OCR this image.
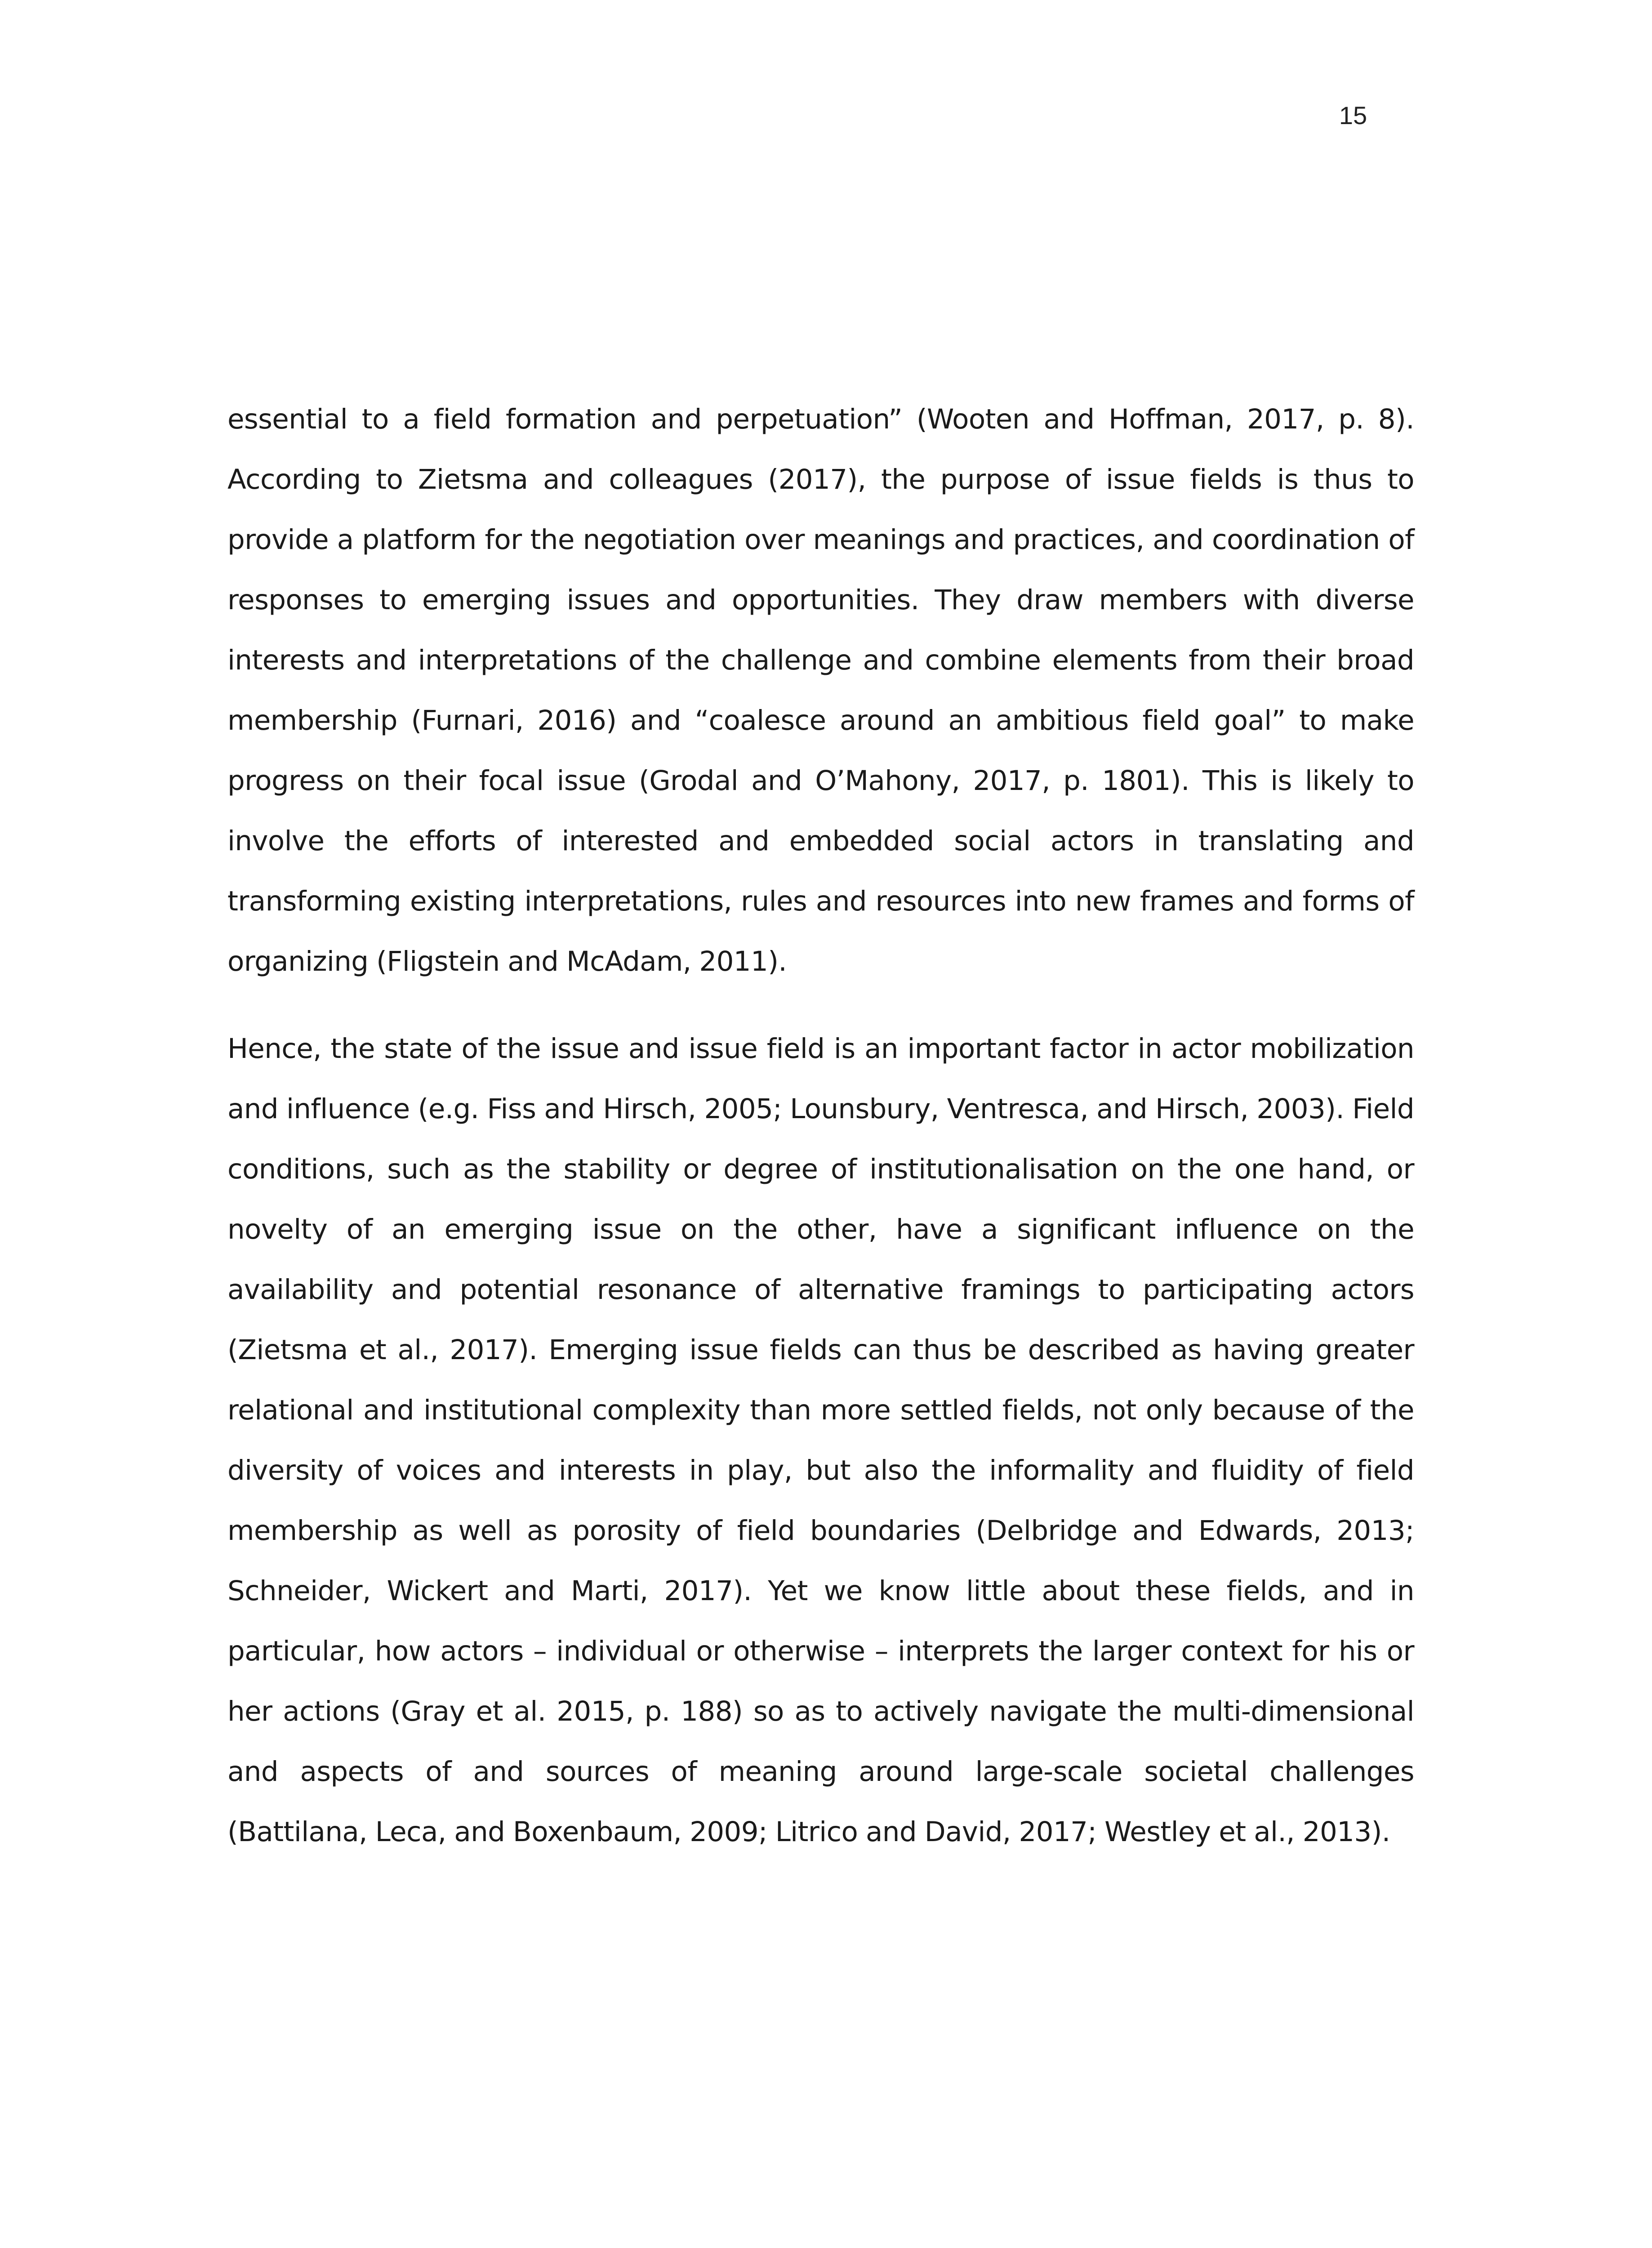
15

essential to a field formation and perpetuation” (Wooten and Hoffman, 2017, p. 8). According to Zietsma and colleagues (2017), the purpose of issue fields is thus to provide a platform for the negotiation over meanings and practices, and coordination of responses to emerging issues and opportunities. They draw members with diverse interests and interpretations of the challenge and combine elements from their broad membership (Furnari, 2016) and “coalesce around an ambitious field goal” to make progress on their focal issue (Grodal and O’Mahony, 2017, p. 1801). This is likely to involve the efforts of interested and embedded social actors in translating and transforming existing interpretations, rules and resources into new frames and forms of organizing (Fligstein and McAdam, 2011).

Hence, the state of the issue and issue field is an important factor in actor mobilization and influence (e.g. Fiss and Hirsch, 2005; Lounsbury, Ventresca, and Hirsch, 2003). Field conditions, such as the stability or degree of institutionalisation on the one hand, or novelty of an emerging issue on the other, have a significant influence on the availability and potential resonance of alternative framings to participating actors (Zietsma et al., 2017). Emerging issue fields can thus be described as having greater relational and institutional complexity than more settled fields, not only because of the diversity of voices and interests in play, but also the informality and fluidity of field membership as well as porosity of field boundaries (Delbridge and Edwards, 2013; Schneider, Wickert and Marti, 2017). Yet we know little about these fields, and in particular, how actors – individual or otherwise – interprets the larger context for his or her actions (Gray et al. 2015, p. 188) so as to actively navigate the multi-dimensional and aspects of and sources of meaning around large-scale societal challenges (Battilana, Leca, and Boxenbaum, 2009; Litrico and David, 2017; Westley et al., 2013).
